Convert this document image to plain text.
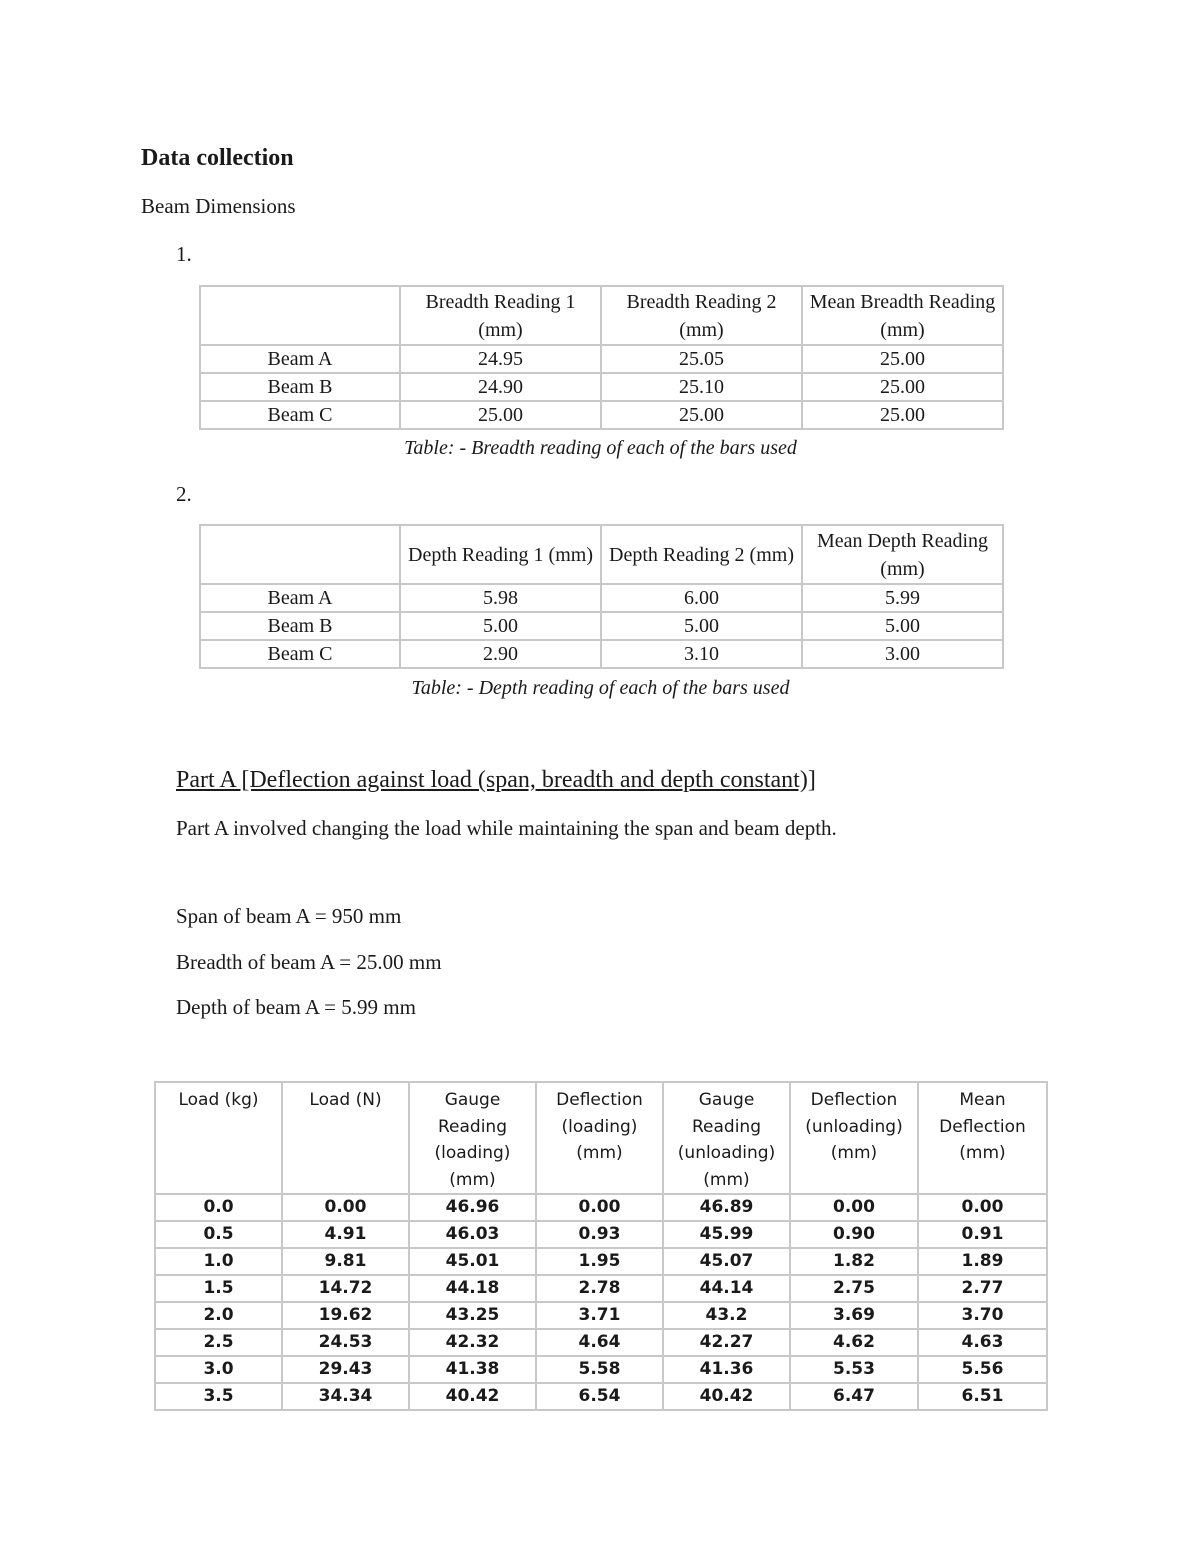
Data collection
Beam Dimensions
1.
	Breadth Reading 1 (mm)	Breadth Reading 2 (mm)	Mean Breadth Reading (mm)
Beam A	24.95	25.05	25.00
Beam B	24.90	25.10	25.00
Beam C	25.00	25.00	25.00
Table: - Breadth reading of each of the bars used
2.
	Depth Reading 1 (mm)	Depth Reading 2 (mm)	Mean Depth Reading (mm)
Beam A	5.98	6.00	5.99
Beam B	5.00	5.00	5.00
Beam C	2.90	3.10	3.00
Table: - Depth reading of each of the bars used
Part A [Deflection against load (span, breadth and depth constant)]
Part A involved changing the load while maintaining the span and beam depth.
Span of beam A = 950 mm
Breadth of beam A = 25.00 mm
Depth of beam A = 5.99 mm
Load (kg)	Load (N)	Gauge Reading (loading) (mm)	Deflection (loading) (mm)	Gauge Reading (unloading) (mm)	Deflection (unloading) (mm)	Mean Deflection (mm)
0.0	0.00	46.96	0.00	46.89	0.00	0.00
0.5	4.91	46.03	0.93	45.99	0.90	0.91
1.0	9.81	45.01	1.95	45.07	1.82	1.89
1.5	14.72	44.18	2.78	44.14	2.75	2.77
2.0	19.62	43.25	3.71	43.2	3.69	3.70
2.5	24.53	42.32	4.64	42.27	4.62	4.63
3.0	29.43	41.38	5.58	41.36	5.53	5.56
3.5	34.34	40.42	6.54	40.42	6.47	6.51
